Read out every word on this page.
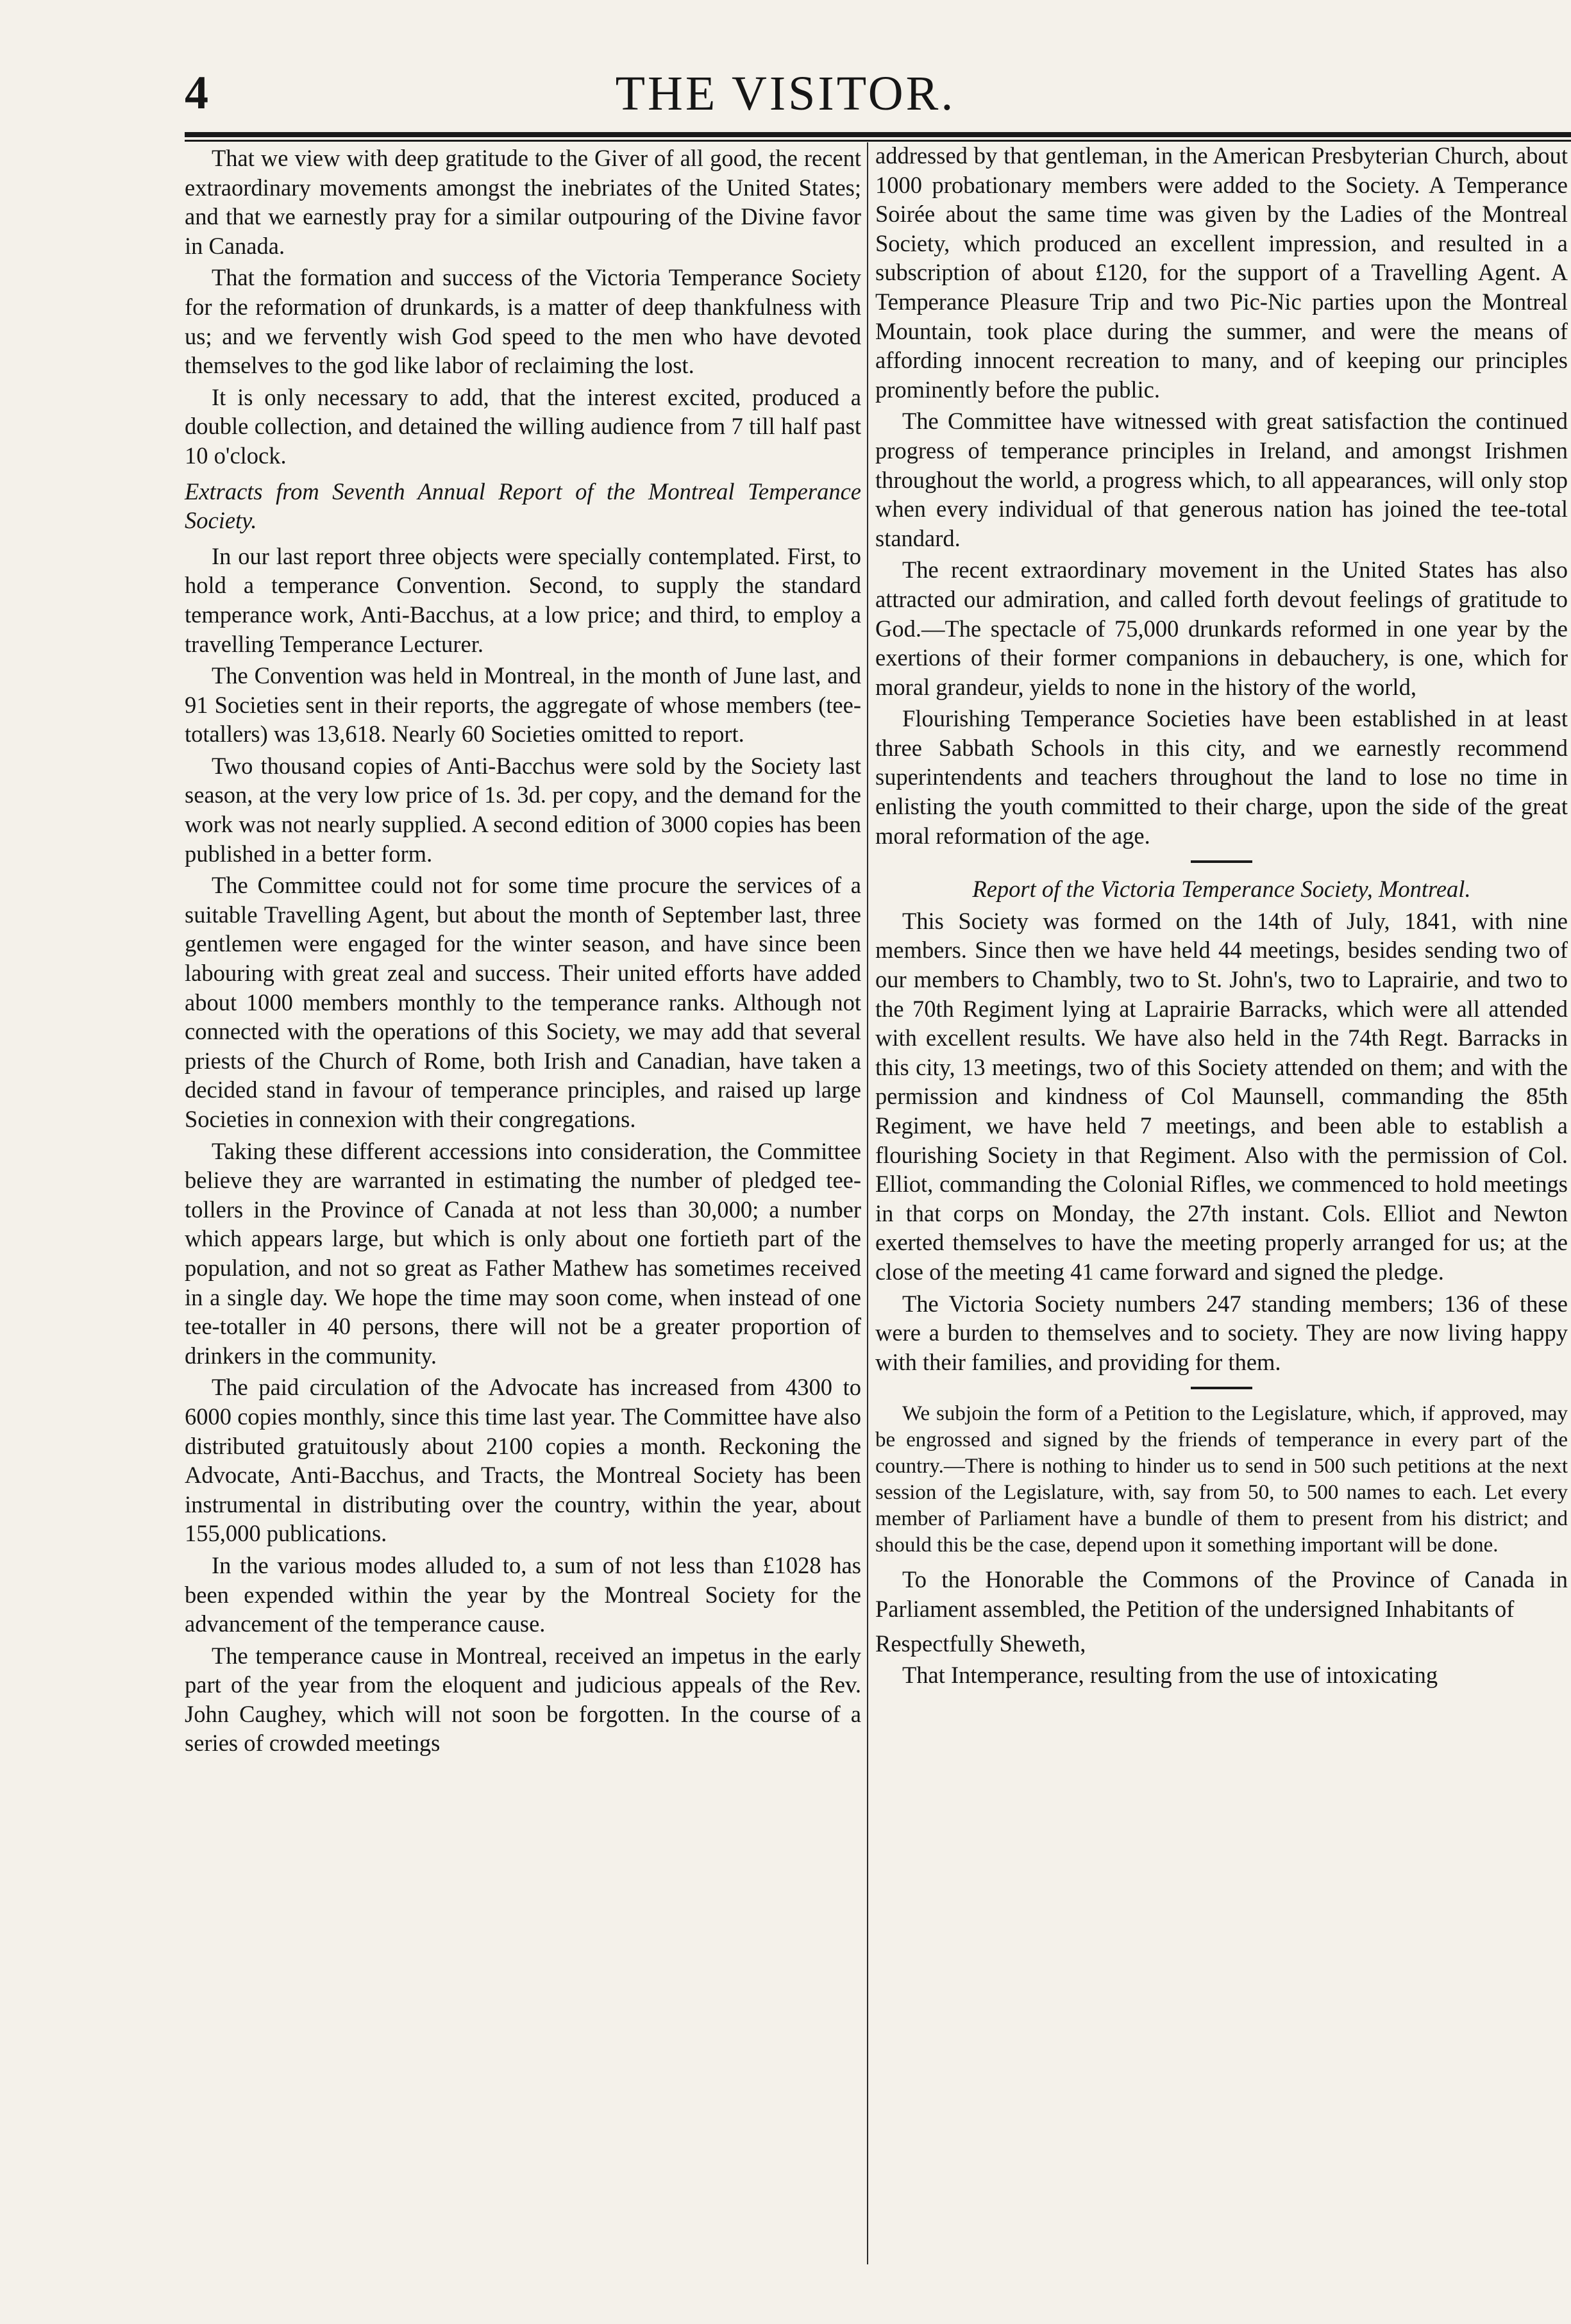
4	THE VISITOR.

That we view with deep gratitude to the Giver of all good, the recent extraordinary movements amongst the inebriates of the United States; and that we earnestly pray for a similar outpouring of the Divine favor in Canada.

That the formation and success of the Victoria Temperance Society for the reformation of drunkards, is a matter of deep thankfulness with us; and we fervently wish God speed to the men who have devoted themselves to the god like labor of reclaiming the lost.

It is only necessary to add, that the interest excited, produced a double collection, and detained the willing audience from 7 till half past 10 o'clock.

Extracts from Seventh Annual Report of the Montreal Temperance Society.

In our last report three objects were specially contemplated. First, to hold a temperance Convention. Second, to supply the standard temperance work, Anti-Bacchus, at a low price; and third, to employ a travelling Temperance Lecturer.

The Convention was held in Montreal, in the month of June last, and 91 Societies sent in their reports, the aggregate of whose members (tee-totallers) was 13,618. Nearly 60 Societies omitted to report.

Two thousand copies of Anti-Bacchus were sold by the Society last season, at the very low price of 1s. 3d. per copy, and the demand for the work was not nearly supplied. A second edition of 3000 copies has been published in a better form.

The Committee could not for some time procure the services of a suitable Travelling Agent, but about the month of September last, three gentlemen were engaged for the winter season, and have since been labouring with great zeal and success. Their united efforts have added about 1000 members monthly to the temperance ranks. Although not connected with the operations of this Society, we may add that several priests of the Church of Rome, both Irish and Canadian, have taken a decided stand in favour of temperance principles, and raised up large Societies in connexion with their congregations.

Taking these different accessions into consideration, the Committee believe they are warranted in estimating the number of pledged tee-tollers in the Province of Canada at not less than 30,000; a number which appears large, but which is only about one fortieth part of the population, and not so great as Father Mathew has sometimes received in a single day. We hope the time may soon come, when instead of one tee-totaller in 40 persons, there will not be a greater proportion of drinkers in the community.

The paid circulation of the Advocate has increased from 4300 to 6000 copies monthly, since this time last year. The Committee have also distributed gratuitously about 2100 copies a month. Reckoning the Advocate, Anti-Bacchus, and Tracts, the Montreal Society has been instrumental in distributing over the country, within the year, about 155,000 publications.

In the various modes alluded to, a sum of not less than £1028 has been expended within the year by the Montreal Society for the advancement of the temperance cause.

The temperance cause in Montreal, received an impetus in the early part of the year from the eloquent and judicious appeals of the Rev. John Caughey, which will not soon be forgotten. In the course of a series of crowded meetings

addressed by that gentleman, in the American Presbyterian Church, about 1000 probationary members were added to the Society. A Temperance Soirée about the same time was given by the Ladies of the Montreal Society, which produced an excellent impression, and resulted in a subscription of about £120, for the support of a Travelling Agent. A Temperance Pleasure Trip and two Pic-Nic parties upon the Montreal Mountain, took place during the summer, and were the means of affording innocent recreation to many, and of keeping our principles prominently before the public.

The Committee have witnessed with great satisfaction the continued progress of temperance principles in Ireland, and amongst Irishmen throughout the world, a progress which, to all appearances, will only stop when every individual of that generous nation has joined the tee-total standard.

The recent extraordinary movement in the United States has also attracted our admiration, and called forth devout feelings of gratitude to God.—The spectacle of 75,000 drunkards reformed in one year by the exertions of their former companions in debauchery, is one, which for moral grandeur, yields to none in the history of the world,

Flourishing Temperance Societies have been established in at least three Sabbath Schools in this city, and we earnestly recommend superintendents and teachers throughout the land to lose no time in enlisting the youth committed to their charge, upon the side of the great moral reformation of the age.

Report of the Victoria Temperance Society, Montreal.

This Society was formed on the 14th of July, 1841, with nine members. Since then we have held 44 meetings, besides sending two of our members to Chambly, two to St. John's, two to Laprairie, and two to the 70th Regiment lying at Laprairie Barracks, which were all attended with excellent results. We have also held in the 74th Regt. Barracks in this city, 13 meetings, two of this Society attended on them; and with the permission and kindness of Col Maunsell, commanding the 85th Regiment, we have held 7 meetings, and been able to establish a flourishing Society in that Regiment. Also with the permission of Col. Elliot, commanding the Colonial Rifles, we commenced to hold meetings in that corps on Monday, the 27th instant. Cols. Elliot and Newton exerted themselves to have the meeting properly arranged for us; at the close of the meeting 41 came forward and signed the pledge.

The Victoria Society numbers 247 standing members; 136 of these were a burden to themselves and to society. They are now living happy with their families, and providing for them.

We subjoin the form of a Petition to the Legislature, which, if approved, may be engrossed and signed by the friends of temperance in every part of the country.—There is nothing to hinder us to send in 500 such petitions at the next session of the Legislature, with, say from 50, to 500 names to each. Let every member of Parliament have a bundle of them to present from his district; and should this be the case, depend upon it something important will be done.

To the Honorable the Commons of the Province of Canada in Parliament assembled, the Petition of the undersigned Inhabitants of

Respectfully Sheweth,

That Intemperance, resulting from the use of intoxicating
